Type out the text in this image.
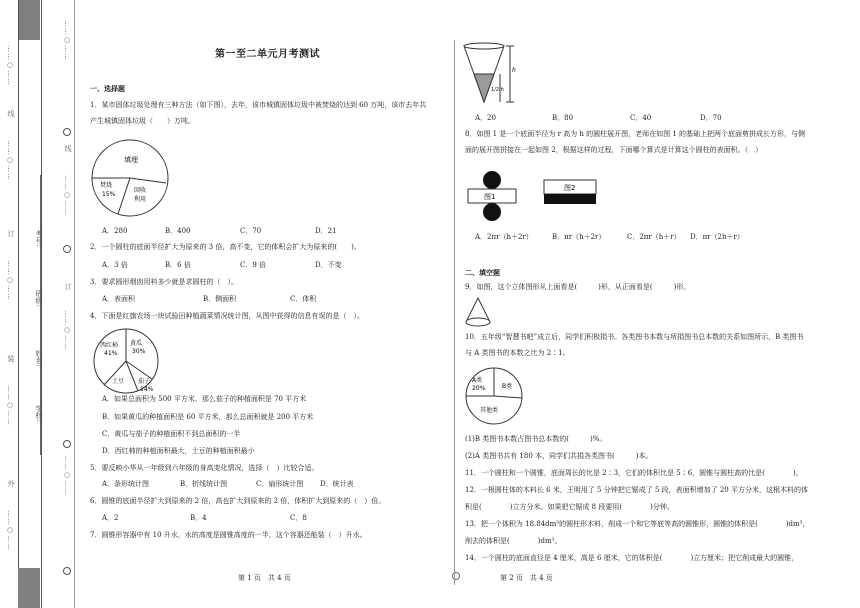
……○……
线
……○……
订
……○……
装
……○……
外
……○……
学校:
姓名:
班级:
考号:
……○……
线
……○……
订
……○……
……○……
第一至二单元月考测试
一、选择题
1．某市固体垃圾处理有三种方法（如下图），去年，该市城镇固体垃圾中被焚烧的达到 60 万吨，该市去年共
产生城镇固体垃圾（　　）万吨。
填埋
焚烧
15%
回收
利用
A．280	B．400	C．70	D．21
2．一个圆柱的底面半径扩大为原来的 3 倍，高不变，它的体积会扩大为原来的(　　)。
A．3 倍	B．6 倍	C．9 倍	D．不变
3．要求圆形烟囱用料多少就是求圆柱的（　）。
A．表面积	B．侧面积	C．体积
4．下面是红旗农场一块试验田种植蔬菜情况统计图，从图中获得的信息有误的是（　）。
西红柿
41%
黄瓜
30%
土豆 茄子
14%
A．如果总面积为 500 平方米，那么茄子的种植面积是 70 平方米
B．如果黄瓜的种植面积是 60 平方米，那么总面积就是 200 平方米
C．黄瓜与茄子的种植面积不到总面积的一半
D．西红柿的种植面积最大，土豆的种植面积最小
5．要反映小华从一年级到六年级的身高变化情况，选择（　）比较合适。
A．条形统计图	B．折线统计图	C．扇形统计图 D．统计表
6．圆锥的底面半径扩大到原来的 2 倍，高也扩大到原来的 2 倍，体积扩大到原来的（　）倍。
A．2	B．4	C．8
7．圆锥形容器中有 10 升水，水的高度是圆锥高度的一半，这个容器还能装（　）升水。
第 1 页　共 4 页	第 2 页　共 4 页
h
1/2 h
A．20	B．80	C．40	D．70
8．如图 1 是一个底面半径为 r 高为 h 的圆柱展开图，老师在如图 1 的基础上把两个底面剪拼成长方形，与侧
面的展开图拼接在一起如图 2，根据这样的过程，下面哪个算式是计算这个圆柱的表面积。（　）
图1
图2
A．2πr（h＋2r）	B．πr（h＋2r）	C．2πr（h＋r） D．πr（2h＋r）
二、填空题
9．如图，这个立体图形从上面看是(　　　)形，从正面看是(　　　)形。
10．五年级“智慧书吧”成立后，同学们积极捐书。各类图书本数与所捐图书总本数的关系如图所示，B 类图书
与 A 类图书的本数之比为 2∶1。
A类
20%	B类
其他类
(1)B 类图书本数占图书总本数的(　　　)%。
(2)A 类图书共有 180 本，同学们共捐各类图书(　　　)本。
11．一个圆柱和一个圆锥，底面周长的比是 2∶3，它们的体积比是 5∶6，圆锥与圆柱高的比是(　　　　)。
12．一根圆柱体的木料长 6 米，王明用了 5 分钟把它锯成了 5 段，表面积增加了 20 平方分米，这根木料的体
积是(　　　　)立方分米。如果把它锯成 8 段要用(　　　　)分钟。
13．把一个体积为 18.84dm³的圆柱形木料，削成一个和它等底等高的圆锥形，圆锥的体积是(　　　　)dm³，
削去的体积是(　　　　)dm³。
14．一个圆柱的底面直径是 4 厘米，高是 6 厘米，它的体积是(　　　　)立方厘米；把它削成最大的圆锥，
